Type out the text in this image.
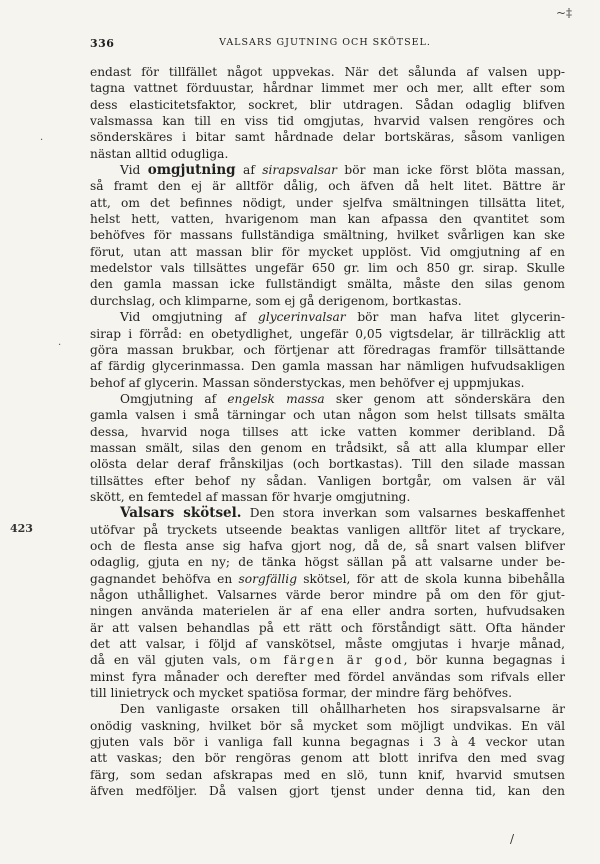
~‡
336	VALSARS GJUTNING OCH SKÖTSEL.
423
·
·
endast för tillfället något uppvekas. När det sålunda af valsen upp-
tagna vattnet förduustar, hårdnar limmet mer och mer, allt efter som
dess elasticitetsfaktor, sockret, blir utdragen. Sådan odaglig blifven
valsmassa kan till en viss tid omgjutas, hvarvid valsen rengöres och
sönderskäres i bitar samt hårdnade delar bortskäras, såsom vanligen
nästan alltid odugliga.
Vid omgjutning af sirapsvalsar bör man icke först blöta massan,
så framt den ej är alltför dålig, och äfven då helt litet. Bättre är
att, om det befinnes nödigt, under sjelfva smältningen tillsätta litet,
helst hett, vatten, hvarigenom man kan afpassa den qvantitet som
behöfves för massans fullständiga smältning, hvilket svårligen kan ske
förut, utan att massan blir för mycket upplöst. Vid omgjutning af en
medelstor vals tillsättes ungefär 650 gr. lim och 850 gr. sirap. Skulle
den gamla massan icke fullständigt smälta, måste den silas genom
durchslag, och klimparne, som ej gå derigenom, bortkastas.
Vid omgjutning af glycerinvalsar bör man hafva litet glycerin-
sirap i förråd: en obetydlighet, ungefär 0,05 vigtsdelar, är tillräcklig att
göra massan brukbar, och förtjenar att föredragas framför tillsättande
af färdig glycerinmassa. Den gamla massan har nämligen hufvudsakligen
behof af glycerin. Massan sönderstyckas, men behöfver ej uppmjukas.
Omgjutning af engelsk massa sker genom att sönderskära den
gamla valsen i små tärningar och utan någon som helst tillsats smälta
dessa, hvarvid noga tillses att icke vatten kommer deribland. Då
massan smält, silas den genom en trådsikt, så att alla klumpar eller
olösta delar deraf frånskiljas (och bortkastas). Till den silade massan
tillsättes efter behof ny sådan. Vanligen bortgår, om valsen är väl
skött, en femtedel af massan för hvarje omgjutning.
Valsars skötsel. Den stora inverkan som valsarnes beskaffenhet
utöfvar på tryckets utseende beaktas vanligen alltför litet af tryckare,
och de flesta anse sig hafva gjort nog, då de, så snart valsen blifver
odaglig, gjuta en ny; de tänka högst sällan på att valsarne under be-
gagnandet behöfva en sorgfällig skötsel, för att de skola kunna bibehålla
någon uthållighet. Valsarnes värde beror mindre på om den för gjut-
ningen använda materielen är af ena eller andra sorten, hufvudsaken
är att valsen behandlas på ett rätt och förståndigt sätt. Ofta händer
det att valsar, i följd af vanskötsel, måste omgjutas i hvarje månad,
då en väl gjuten vals, om färgen är god, bör kunna begagnas i
minst fyra månader och derefter med fördel användas som rifvals eller
till linietryck och mycket spatiösa formar, der mindre färg behöfves.
Den vanligaste orsaken till ohållharheten hos sirapsvalsarne är
onödig vaskning, hvilket bör så mycket som möjligt undvikas. En väl
gjuten vals bör i vanliga fall kunna begagnas i 3 à 4 veckor utan
att vaskas; den bör rengöras genom att blott inrifva den med svag
färg, som sedan afskrapas med en slö, tunn knif, hvarvid smutsen
äfven medföljer. Då valsen gjort tjenst under denna tid, kan den
/
